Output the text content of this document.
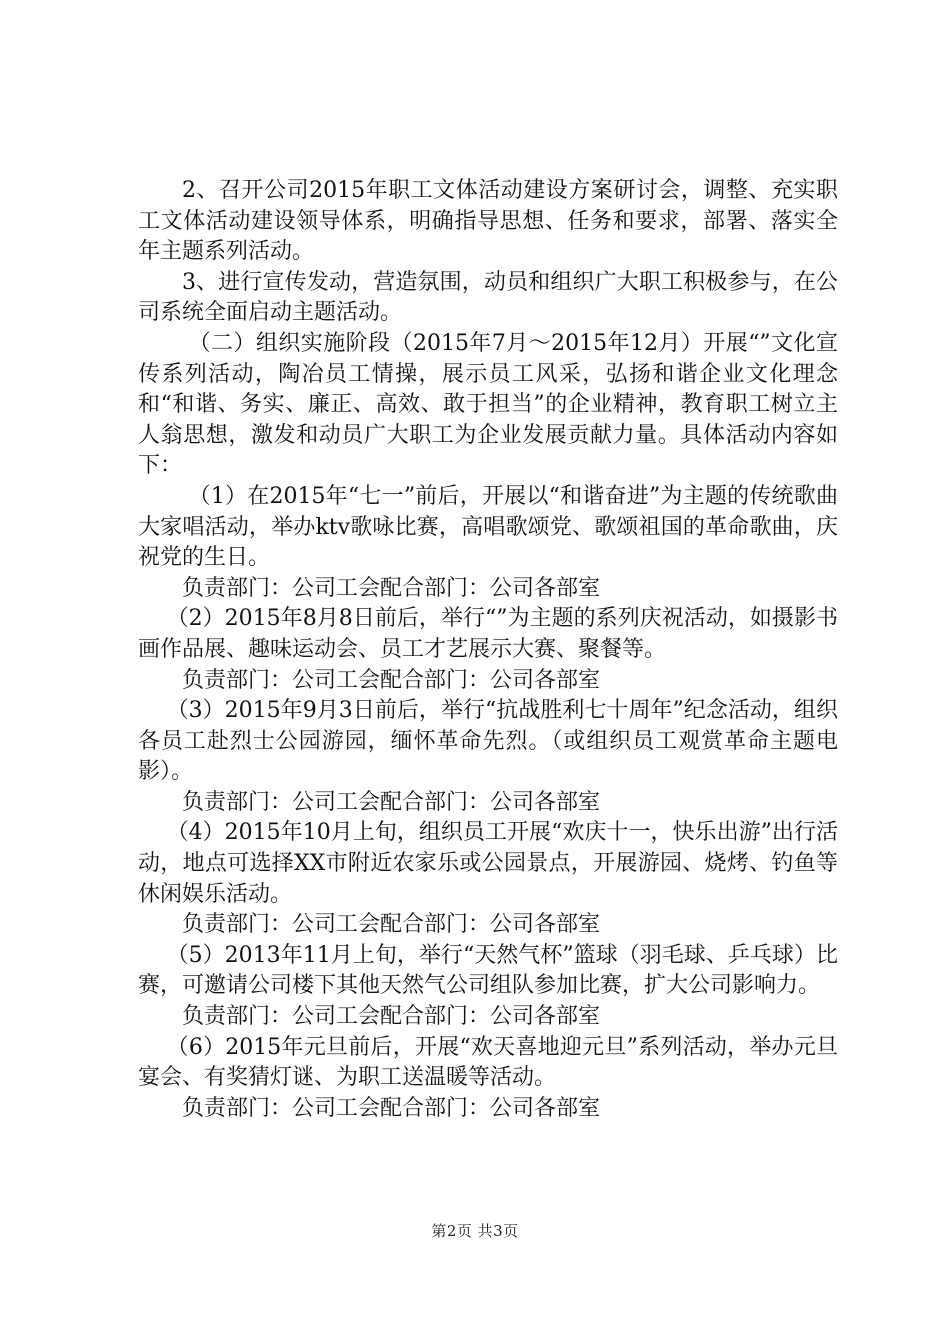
2、召开公司2015年职工文体活动建设方案研讨会，调整、充实职工文体活动建设领导体系，明确指导思想、任务和要求，部署、落实全年主题系列活动。

3、进行宣传发动，营造氛围，动员和组织广大职工积极参与，在公司系统全面启动主题活动。

（二）组织实施阶段（2015年7月～2015年12月）开展“”文化宣传系列活动，陶冶员工情操，展示员工风采，弘扬和谐企业文化理念和“和谐、务实、廉正、高效、敢于担当”的企业精神，教育职工树立主人翁思想，激发和动员广大职工为企业发展贡献力量。具体活动内容如下：

（1）在2015年“七一”前后，开展以“和谐奋进”为主题的传统歌曲大家唱活动，举办ktv歌咏比赛，高唱歌颂党、歌颂祖国的革命歌曲，庆祝党的生日。

负责部门：公司工会配合部门：公司各部室

（2）2015年8月8日前后，举行“”为主题的系列庆祝活动，如摄影书画作品展、趣味运动会、员工才艺展示大赛、聚餐等。

负责部门：公司工会配合部门：公司各部室

（3）2015年9月3日前后，举行“抗战胜利七十周年”纪念活动，组织各员工赴烈士公园游园，缅怀革命先烈。（或组织员工观赏革命主题电影）。

负责部门：公司工会配合部门：公司各部室

（4）2015年10月上旬，组织员工开展“欢庆十一，快乐出游”出行活动，地点可选择XX市附近农家乐或公园景点，开展游园、烧烤、钓鱼等休闲娱乐活动。

负责部门：公司工会配合部门：公司各部室

（5）2013年11月上旬，举行“天然气杯”篮球（羽毛球、乒乓球）比赛，可邀请公司楼下其他天然气公司组队参加比赛，扩大公司影响力。

负责部门：公司工会配合部门：公司各部室

（6）2015年元旦前后，开展“欢天喜地迎元旦”系列活动，举办元旦宴会、有奖猜灯谜、为职工送温暖等活动。

负责部门：公司工会配合部门：公司各部室

第2页 共3页
